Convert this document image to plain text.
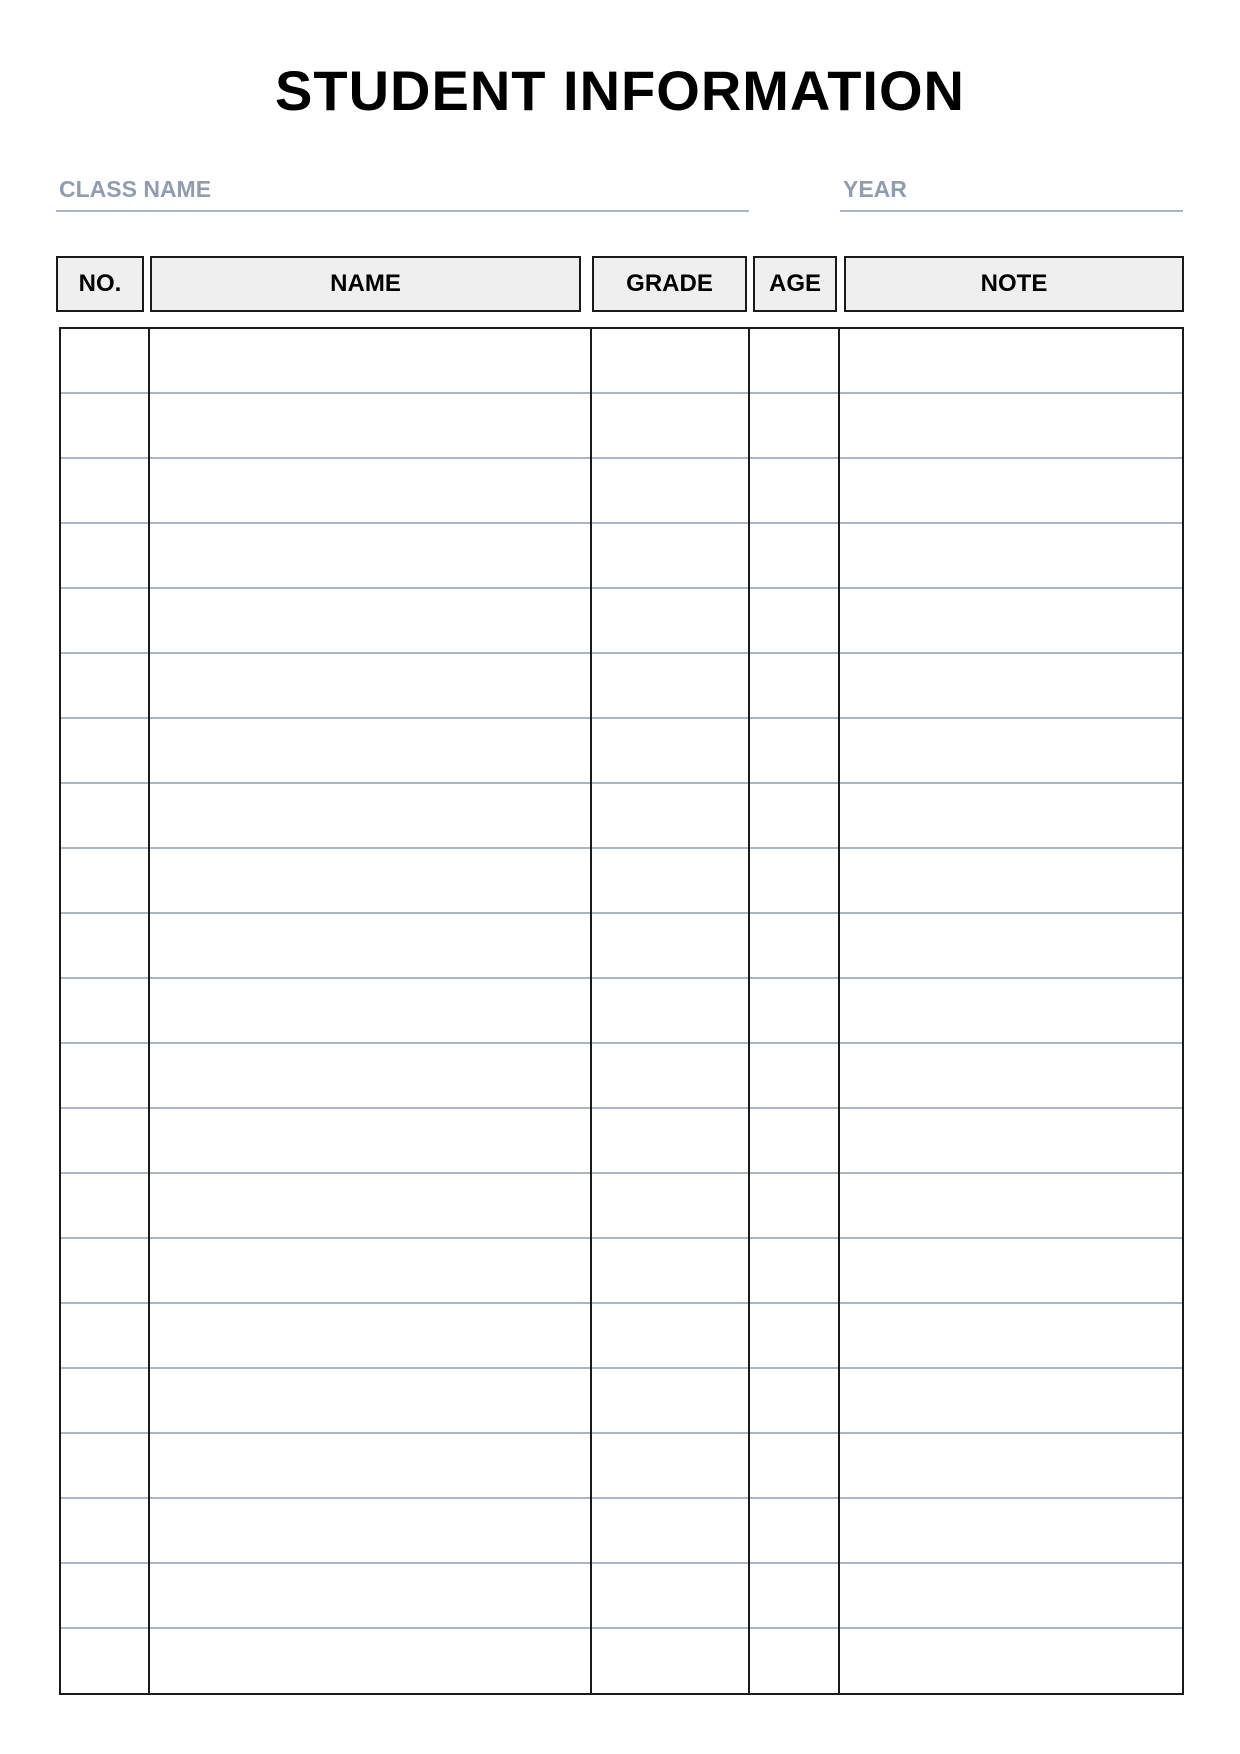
STUDENT INFORMATION
CLASS NAME	YEAR
NO.	NAME	GRADE	AGE	NOTE
